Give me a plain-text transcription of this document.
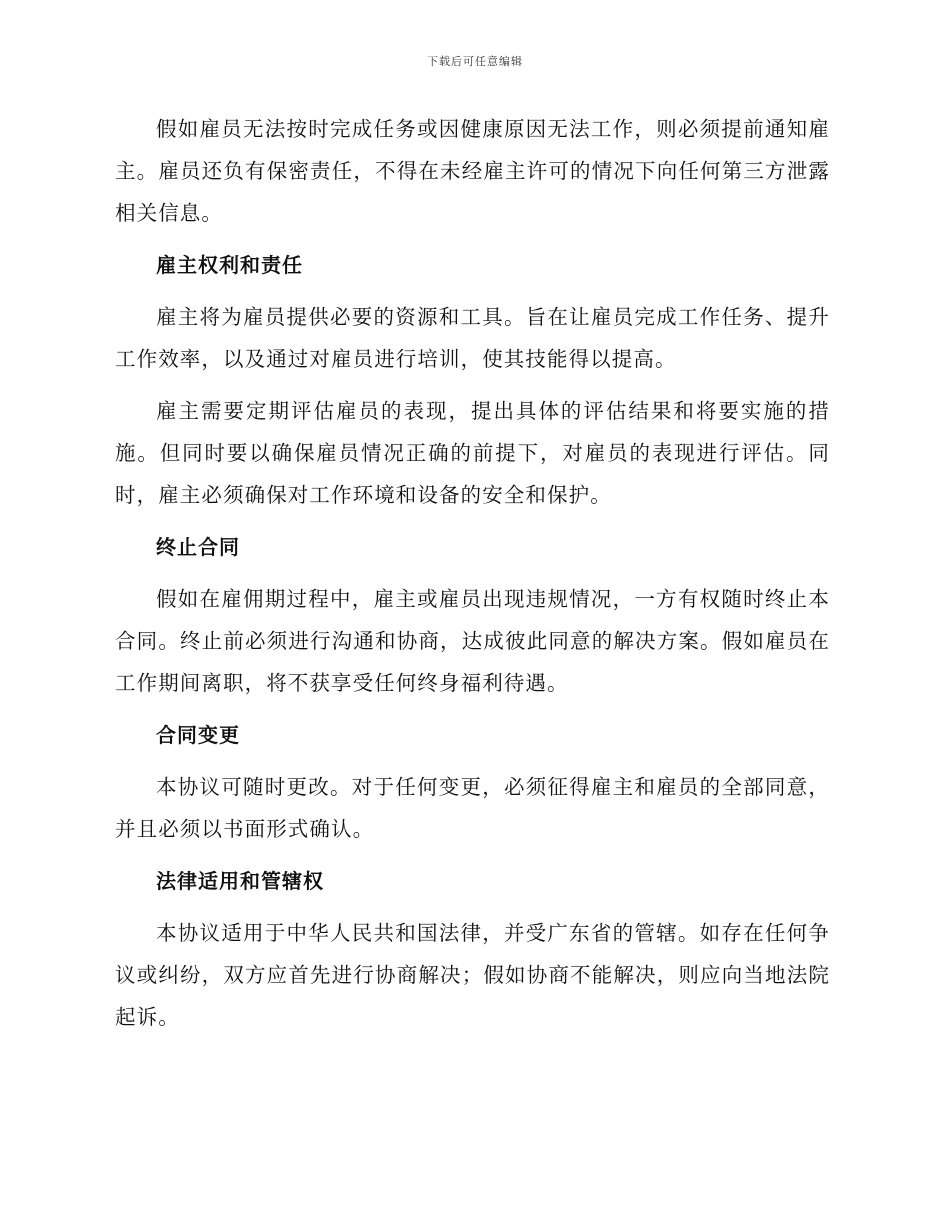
下载后可任意编辑

假如雇员无法按时完成任务或因健康原因无法工作，则必须提前通知雇主。雇员还负有保密责任，不得在未经雇主许可的情况下向任何第三方泄露相关信息。

雇主权利和责任

雇主将为雇员提供必要的资源和工具。旨在让雇员完成工作任务、提升工作效率，以及通过对雇员进行培训，使其技能得以提高。

雇主需要定期评估雇员的表现，提出具体的评估结果和将要实施的措施。但同时要以确保雇员情况正确的前提下，对雇员的表现进行评估。同时，雇主必须确保对工作环境和设备的安全和保护。

终止合同

假如在雇佣期过程中，雇主或雇员出现违规情况，一方有权随时终止本合同。终止前必须进行沟通和协商，达成彼此同意的解决方案。假如雇员在工作期间离职，将不获享受任何终身福利待遇。

合同变更

本协议可随时更改。对于任何变更，必须征得雇主和雇员的全部同意，并且必须以书面形式确认。

法律适用和管辖权

本协议适用于中华人民共和国法律，并受广东省的管辖。如存在任何争议或纠纷，双方应首先进行协商解决；假如协商不能解决，则应向当地法院起诉。
